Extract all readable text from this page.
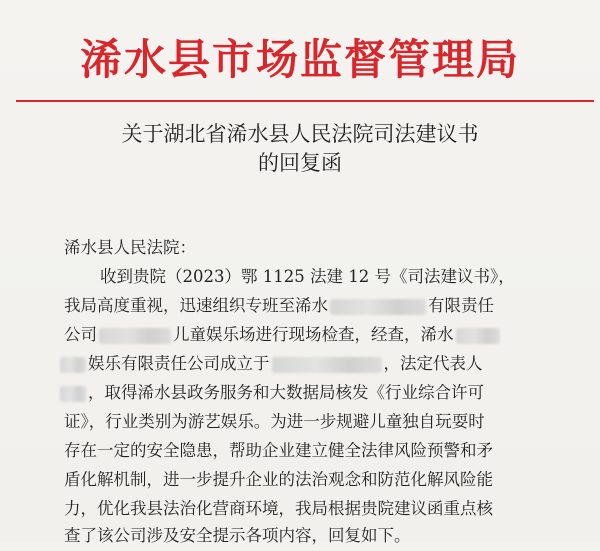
浠水县市场监督管理局
关于湖北省浠水县人民法院司法建议书
的回复函
浠水县人民法院：
收到贵院（2023）鄂 1125 法建 12 号《司法建议书》，
我局高度重视，迅速组织专班至浠水	有限责任
公司	儿童娱乐场进行现场检查，经查，浠水
娱乐有限责任公司成立于	，法定代表人
，取得浠水县政务服务和大数据局核发《行业综合许可
证》，行业类别为游艺娱乐。为进一步规避儿童独自玩耍时
存在一定的安全隐患，帮助企业建立健全法律风险预警和矛
盾化解机制，进一步提升企业的法治观念和防范化解风险能
力，优化我县法治化营商环境，我局根据贵院建议函重点核
查了该公司涉及安全提示各项内容，回复如下。
